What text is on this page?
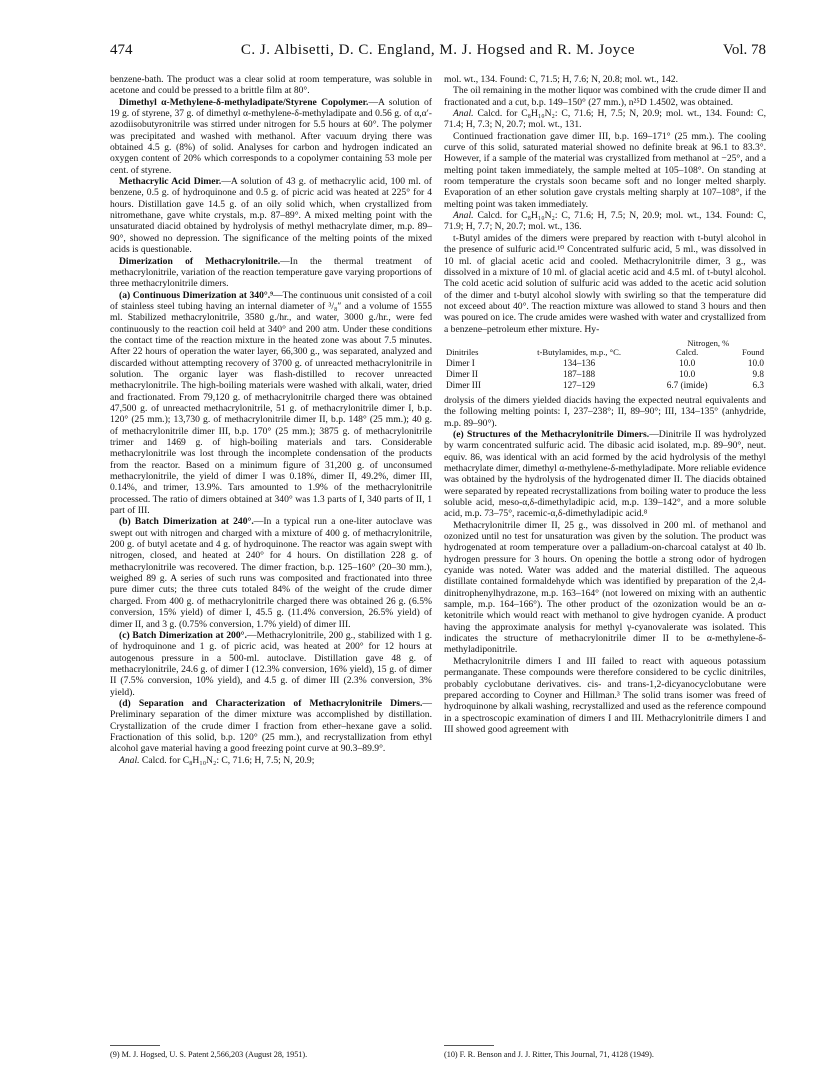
474	C. J. Albisetti, D. C. England, M. J. Hogsed and R. M. Joyce	Vol. 78

benzene-bath. The product was a clear solid at room temperature, was soluble in acetone and could be pressed to a brittle film at 80°.

Dimethyl α-Methylene-δ-methyladipate/Styrene Copolymer.—A solution of 19 g. of styrene, 37 g. of dimethyl α-methylene-δ-methyladipate and 0.56 g. of α,α′-azodiisobutyronitrile was stirred under nitrogen for 5.5 hours at 60°. The polymer was precipitated and washed with methanol. After vacuum drying there was obtained 4.5 g. (8%) of solid. Analyses for carbon and hydrogen indicated an oxygen content of 20% which corresponds to a copolymer containing 53 mole per cent. of styrene.

Methacrylic Acid Dimer.—A solution of 43 g. of methacrylic acid, 100 ml. of benzene, 0.5 g. of hydroquinone and 0.5 g. of picric acid was heated at 225° for 4 hours. Distillation gave 14.5 g. of an oily solid which, when crystallized from nitromethane, gave white crystals, m.p. 87–89°. A mixed melting point with the unsaturated diacid obtained by hydrolysis of methyl methacrylate dimer, m.p. 89–90°, showed no depression. The significance of the melting points of the mixed acids is questionable.

Dimerization of Methacrylonitrile.—In the thermal treatment of methacrylonitrile, variation of the reaction temperature gave varying proportions of three methacrylonitrile dimers.

(a) Continuous Dimerization at 340°.⁹—The continuous unit consisted of a coil of stainless steel tubing having an internal diameter of ³/₈″ and a volume of 1555 ml. Stabilized methacrylonitrile, 3580 g./hr., and water, 3000 g./hr., were fed continuously to the reaction coil held at 340° and 200 atm. Under these conditions the contact time of the reaction mixture in the heated zone was about 7.5 minutes. After 22 hours of operation the water layer, 66,300 g., was separated, analyzed and discarded without attempting recovery of 3700 g. of unreacted methacrylonitrile in solution. The organic layer was flash-distilled to recover unreacted methacrylonitrile. The high-boiling materials were washed with alkali, water, dried and fractionated. From 79,120 g. of methacrylonitrile charged there was obtained 47,500 g. of unreacted methacrylonitrile, 51 g. of methacrylonitrile dimer I, b.p. 120° (25 mm.); 13,730 g. of methacrylonitrile dimer II, b.p. 148° (25 mm.); 40 g. of methacrylonitrile dimer III, b.p. 170° (25 mm.); 3875 g. of methacrylonitrile trimer and 1469 g. of high-boiling materials and tars. Considerable methacrylonitrile was lost through the incomplete condensation of the products from the reactor. Based on a minimum figure of 31,200 g. of unconsumed methacrylonitrile, the yield of dimer I was 0.18%, dimer II, 49.2%, dimer III, 0.14%, and trimer, 13.9%. Tars amounted to 1.9% of the methacrylonitrile processed. The ratio of dimers obtained at 340° was 1.3 parts of I, 340 parts of II, 1 part of III.

(b) Batch Dimerization at 240°.—In a typical run a one-liter autoclave was swept out with nitrogen and charged with a mixture of 400 g. of methacrylonitrile, 200 g. of butyl acetate and 4 g. of hydroquinone. The reactor was again swept with nitrogen, closed, and heated at 240° for 4 hours. On distillation 228 g. of methacrylonitrile was recovered. The dimer fraction, b.p. 125–160° (20–30 mm.), weighed 89 g. A series of such runs was composited and fractionated into three pure dimer cuts; the three cuts totaled 84% of the weight of the crude dimer charged. From 400 g. of methacrylonitrile charged there was obtained 26 g. (6.5% conversion, 15% yield) of dimer I, 45.5 g. (11.4% conversion, 26.5% yield) of dimer II, and 3 g. (0.75% conversion, 1.7% yield) of dimer III.

(c) Batch Dimerization at 200°.—Methacrylonitrile, 200 g., stabilized with 1 g. of hydroquinone and 1 g. of picric acid, was heated at 200° for 12 hours at autogenous pressure in a 500-ml. autoclave. Distillation gave 48 g. of methacrylonitrile, 24.6 g. of dimer I (12.3% conversion, 16% yield), 15 g. of dimer II (7.5% conversion, 10% yield), and 4.5 g. of dimer III (2.3% conversion, 3% yield).

(d) Separation and Characterization of Methacrylonitrile Dimers.—Preliminary separation of the dimer mixture was accomplished by distillation. Crystallization of the crude dimer I fraction from ether–hexane gave a solid. Fractionation of this solid, b.p. 120° (25 mm.), and recrystallization from ethyl alcohol gave material having a good freezing point curve at 90.3–89.9°.

Anal. Calcd. for C₈H₁₀N₂: C, 71.6; H, 7.5; N, 20.9;

mol. wt., 134. Found: C, 71.5; H, 7.6; N, 20.8; mol. wt., 142.

The oil remaining in the mother liquor was combined with the crude dimer II and fractionated and a cut, b.p. 149–150° (27 mm.), n²⁵D 1.4502, was obtained.

Anal. Calcd. for C₈H₁₀N₂: C, 71.6; H, 7.5; N, 20.9; mol. wt., 134. Found: C, 71.4; H, 7.3; N, 20.7; mol. wt., 131.

Continued fractionation gave dimer III, b.p. 169–171° (25 mm.). The cooling curve of this solid, saturated material showed no definite break at 96.1 to 83.3°. However, if a sample of the material was crystallized from methanol at −25°, and a melting point taken immediately, the sample melted at 105–108°. On standing at room temperature the crystals soon became soft and no longer melted sharply. Evaporation of an ether solution gave crystals melting sharply at 107–108°, if the melting point was taken immediately.

Anal. Calcd. for C₈H₁₀N₂: C, 71.6; H, 7.5; N, 20.9; mol. wt., 134. Found: C, 71.9; H, 7.7; N, 20.7; mol. wt., 136.

t-Butyl amides of the dimers were prepared by reaction with t-butyl alcohol in the presence of sulfuric acid.¹⁰ Concentrated sulfuric acid, 5 ml., was dissolved in 10 ml. of glacial acetic acid and cooled. Methacrylonitrile dimer, 3 g., was dissolved in a mixture of 10 ml. of glacial acetic acid and 4.5 ml. of t-butyl alcohol. The cold acetic acid solution of sulfuric acid was added to the acetic acid solution of the dimer and t-butyl alcohol slowly with swirling so that the temperature did not exceed about 40°. The reaction mixture was allowed to stand 3 hours and then was poured on ice. The crude amides were washed with water and crystallized from a benzene–petroleum ether mixture. Hy-

Dinitriles	t-Butylamides, m.p., °C.	Nitrogen, %	
		Calcd.	Found
Dimer I	134–136	10.0	10.0
Dimer II	187–188	10.0	9.8
Dimer III	127–129	6.7 (imide)	6.3

drolysis of the dimers yielded diacids having the expected neutral equivalents and the following melting points: I, 237–238°; II, 89–90°; III, 134–135° (anhydride, m.p. 89–90°).

(e) Structures of the Methacrylonitrile Dimers.—Dinitrile II was hydrolyzed by warm concentrated sulfuric acid. The dibasic acid isolated, m.p. 89–90°, neut. equiv. 86, was identical with an acid formed by the acid hydrolysis of the methyl methacrylate dimer, dimethyl α-methylene-δ-methyladipate. More reliable evidence was obtained by the hydrolysis of the hydrogenated dimer II. The diacids obtained were separated by repeated recrystallizations from boiling water to produce the less soluble acid, meso-α,δ-dimethyladipic acid, m.p. 139–142°, and a more soluble acid, m.p. 73–75°, racemic-α,δ-dimethyladipic acid.⁸

Methacrylonitrile dimer II, 25 g., was dissolved in 200 ml. of methanol and ozonized until no test for unsaturation was given by the solution. The product was hydrogenated at room temperature over a palladium-on-charcoal catalyst at 40 lb. hydrogen pressure for 3 hours. On opening the bottle a strong odor of hydrogen cyanide was noted. Water was added and the material distilled. The aqueous distillate contained formaldehyde which was identified by preparation of the 2,4-dinitrophenylhydrazone, m.p. 163–164° (not lowered on mixing with an authentic sample, m.p. 164–166°). The other product of the ozonization would be an α-ketonitrile which would react with methanol to give hydrogen cyanide. A product having the approximate analysis for methyl γ-cyanovalerate was isolated. This indicates the structure of methacrylonitrile dimer II to be α-methylene-δ-methyladiponitrile.

Methacrylonitrile dimers I and III failed to react with aqueous potassium permanganate. These compounds were therefore considered to be cyclic dinitriles, probably cyclobutane derivatives. cis- and trans-1,2-dicyanocyclobutane were prepared according to Coyner and Hillman.³ The solid trans isomer was freed of hydroquinone by alkali washing, recrystallized and used as the reference compound in a spectroscopic examination of dimers I and III. Methacrylonitrile dimers I and III showed good agreement with

(9) M. J. Hogsed, U. S. Patent 2,566,203 (August 28, 1951).	(10) F. R. Benson and J. J. Ritter, This Journal, 71, 4128 (1949).
